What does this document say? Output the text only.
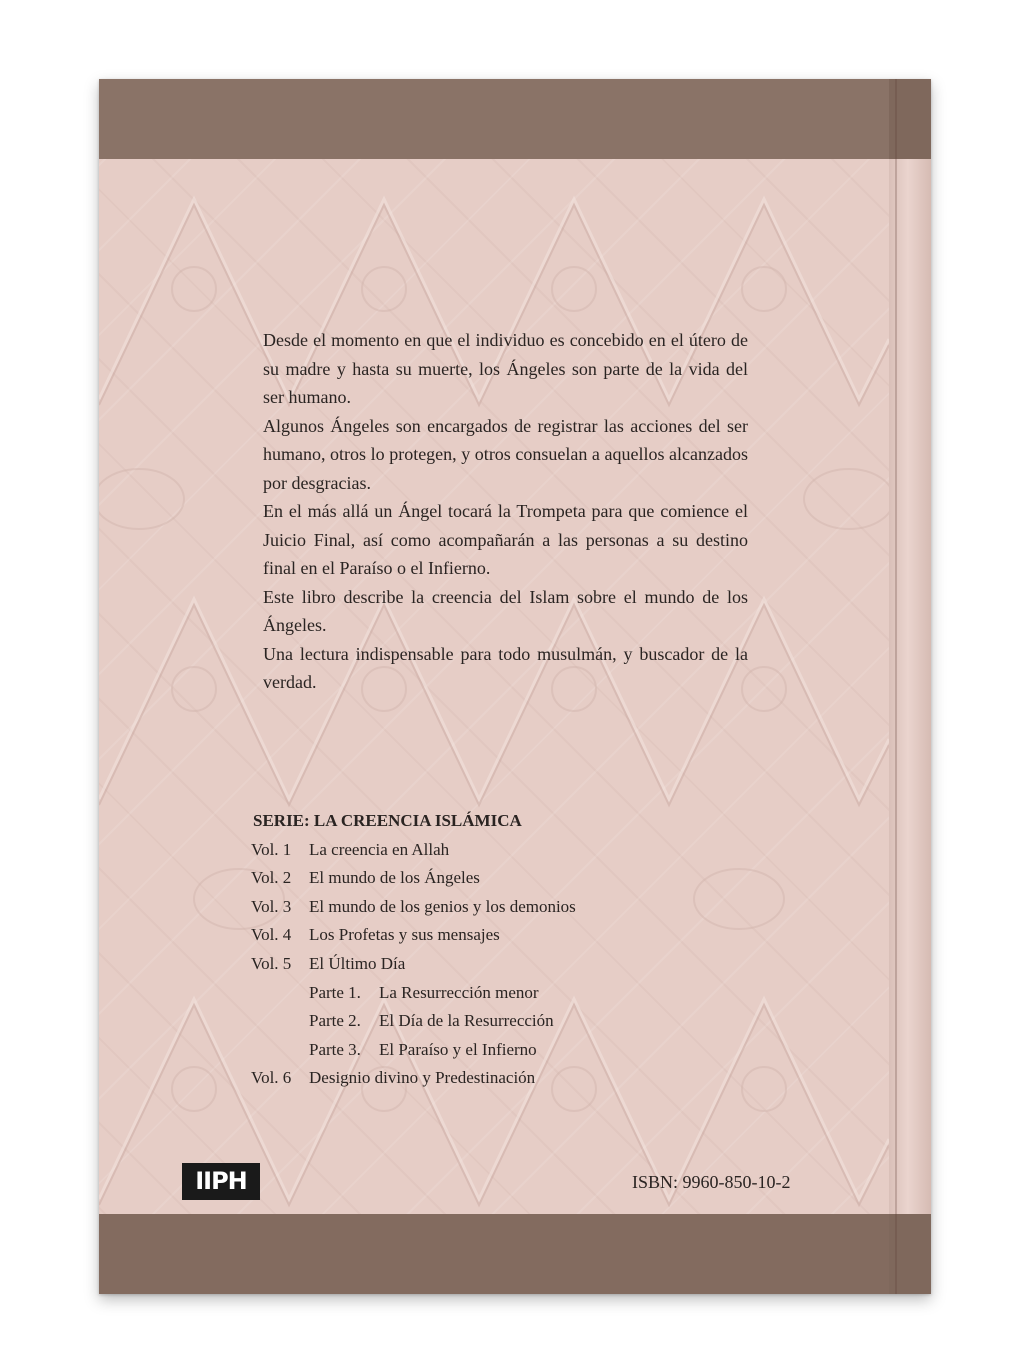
Desde el momento en que el individuo es concebido en el útero de su madre y hasta su muerte, los Ángeles son parte de la vida del ser humano.

Algunos Ángeles son encargados de registrar las acciones del ser humano, otros lo protegen, y otros consuelan a aquellos alcanzados por desgracias.

En el más allá un Ángel tocará la Trompeta para que comience el Juicio Final, así como acompañarán a las personas a su destino final en el Paraíso o el Infierno.

Este libro describe la creencia del Islam sobre el mundo de los Ángeles.

Una lectura indispensable para todo musulmán, y buscador de la verdad.

SERIE: LA CREENCIA ISLÁMICA
Vol. 1	La creencia en Allah
Vol. 2	El mundo de los Ángeles
Vol. 3	El mundo de los genios y los demonios
Vol. 4	Los Profetas y sus mensajes
Vol. 5	El Último Día
Parte 1.	La Resurrección menor
Parte 2.	El Día de la Resurrección
Parte 3.	El Paraíso y el Infierno
Vol. 6	Designio divino y Predestinación
IIPH	ISBN: 9960-850-10-2
